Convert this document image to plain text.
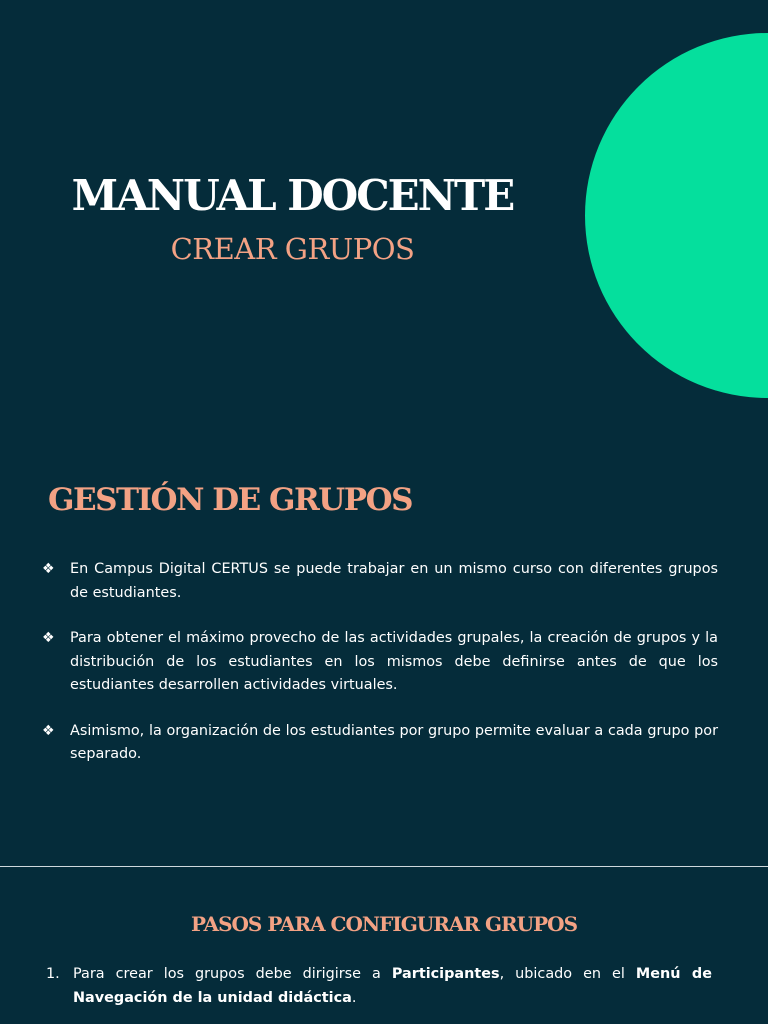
MANUAL DOCENTE
CREAR GRUPOS
GESTIÓN DE GRUPOS
❖ En Campus Digital CERTUS se puede trabajar en un mismo curso con diferentes grupos de estudiantes.
❖ Para obtener el máximo provecho de las actividades grupales, la creación de grupos y la distribución de los estudiantes en los mismos debe definirse antes de que los estudiantes desarrollen actividades virtuales.
❖ Asimismo, la organización de los estudiantes por grupo permite evaluar a cada grupo por separado.
PASOS PARA CONFIGURAR GRUPOS
1. Para crear los grupos debe dirigirse a Participantes, ubicado en el Menú de Navegación de la unidad didáctica.
